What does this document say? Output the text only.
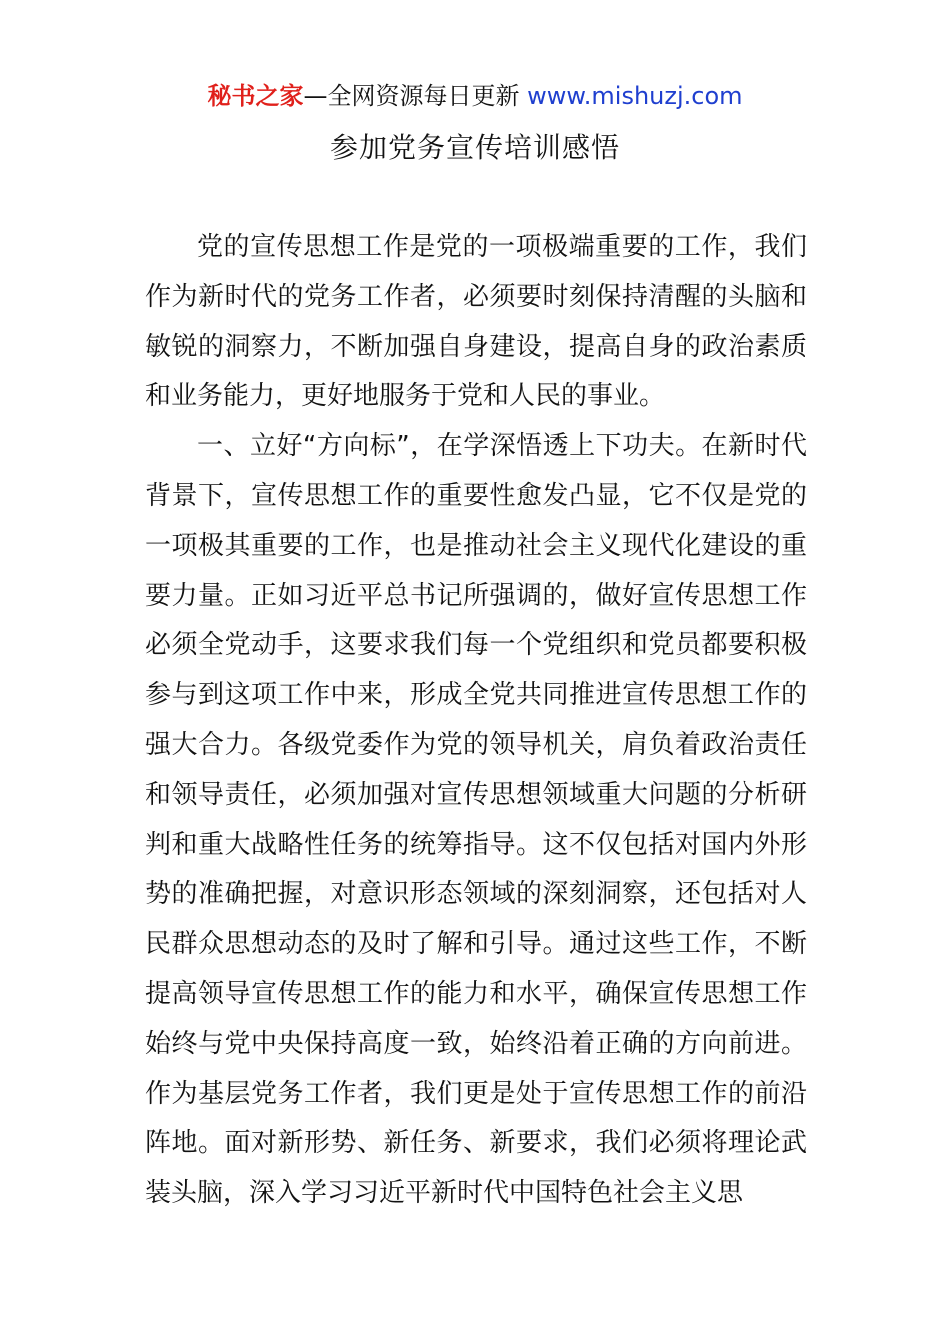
秘书之家—全网资源每日更新 www.mishuzj.com
参加党务宣传培训感悟

党的宣传思想工作是党的一项极端重要的工作，我们作为新时代的党务工作者，必须要时刻保持清醒的头脑和敏锐的洞察力，不断加强自身建设，提高自身的政治素质和业务能力，更好地服务于党和人民的事业。

一、立好“方向标”，在学深悟透上下功夫。在新时代背景下，宣传思想工作的重要性愈发凸显，它不仅是党的一项极其重要的工作，也是推动社会主义现代化建设的重要力量。正如习近平总书记所强调的，做好宣传思想工作必须全党动手，这要求我们每一个党组织和党员都要积极参与到这项工作中来，形成全党共同推进宣传思想工作的强大合力。各级党委作为党的领导机关，肩负着政治责任和领导责任，必须加强对宣传思想领域重大问题的分析研判和重大战略性任务的统筹指导。这不仅包括对国内外形势的准确把握，对意识形态领域的深刻洞察，还包括对人民群众思想动态的及时了解和引导。通过这些工作，不断提高领导宣传思想工作的能力和水平，确保宣传思想工作始终与党中央保持高度一致，始终沿着正确的方向前进。作为基层党务工作者，我们更是处于宣传思想工作的前沿阵地。面对新形势、新任务、新要求，我们必须将理论武装头脑，深入学习习近平新时代中国特色社会主义思
